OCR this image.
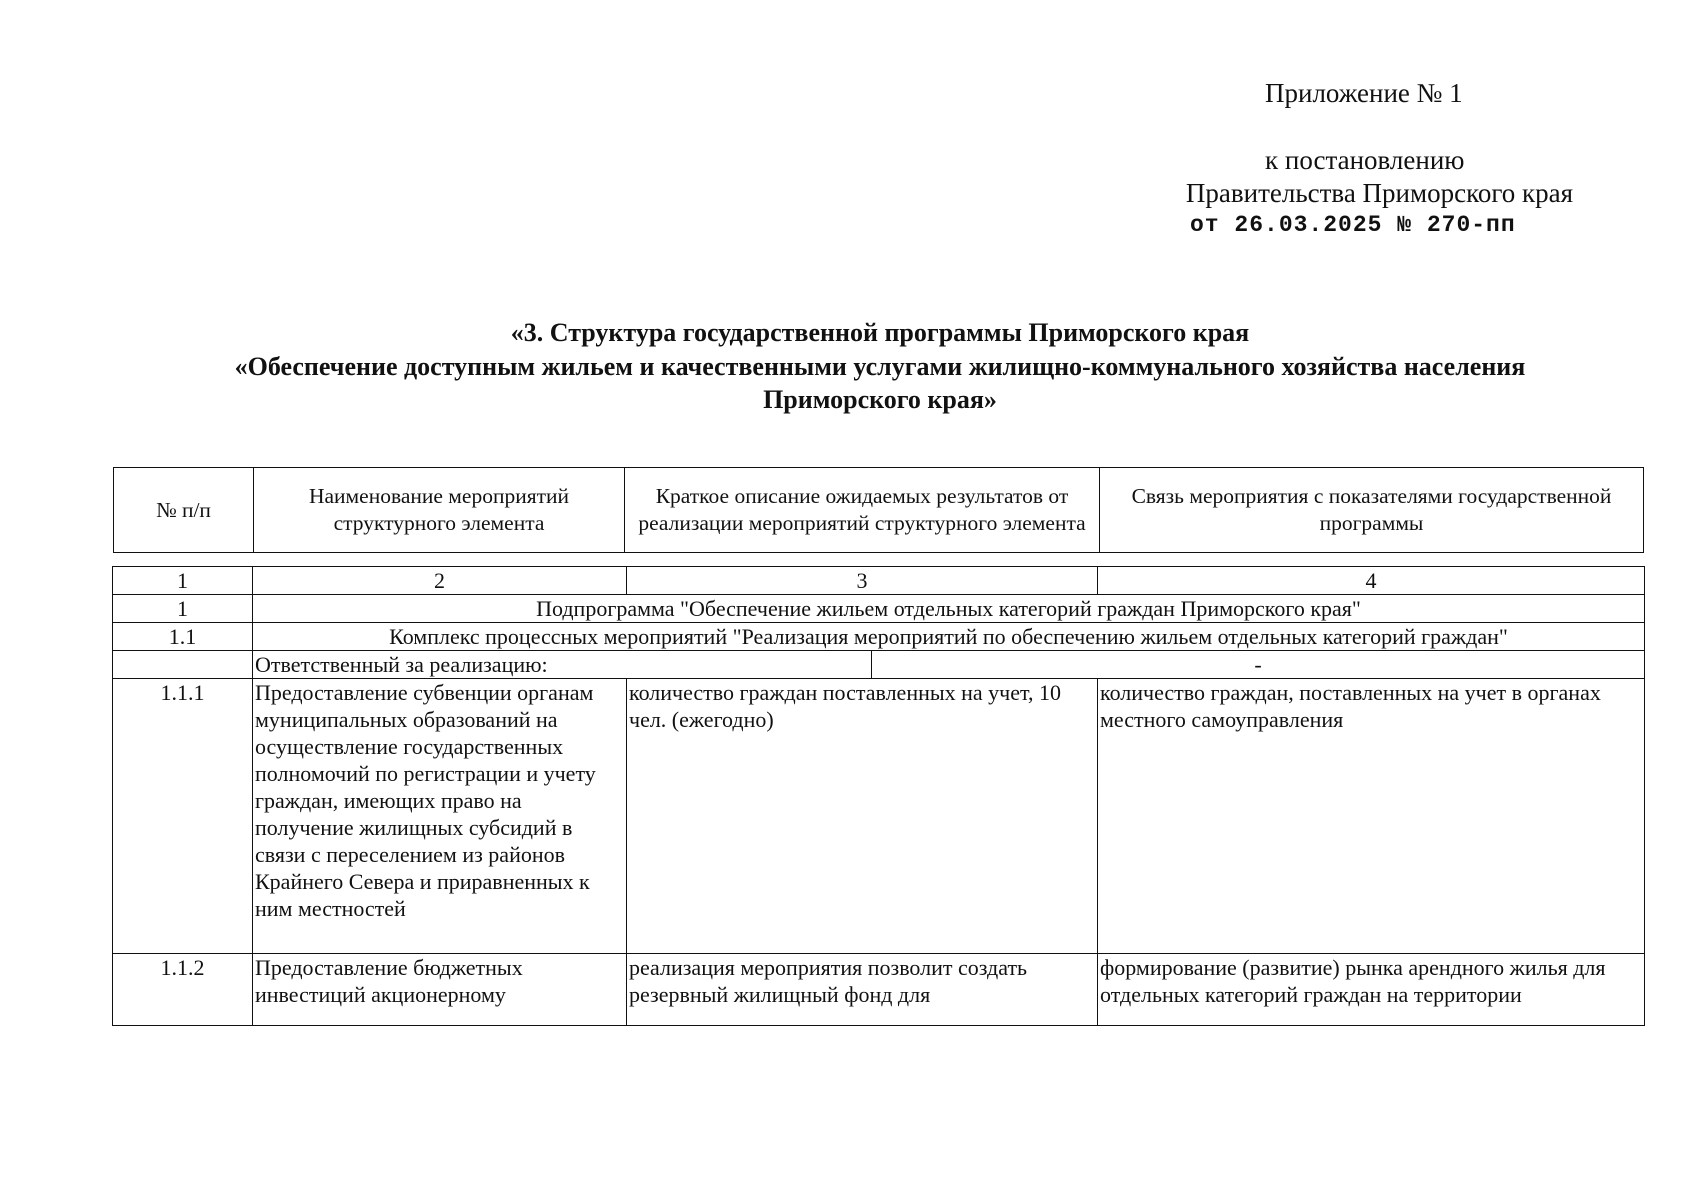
Приложение № 1
к постановлению
Правительства Приморского края
от 26.03.2025 № 270-пп
«3. Структура государственной программы Приморского края
«Обеспечение доступным жильем и качественными услугами жилищно-коммунального хозяйства населения
Приморского края»
№ п/п	Наименование мероприятий структурного элемента	Краткое описание ожидаемых результатов от реализации мероприятий структурного элемента	Связь мероприятия с показателями государственной программы
1	2	3		4
1	Подпрограмма "Обеспечение жильем отдельных категорий граждан Приморского края"			
1.1	Комплекс процессных мероприятий "Реализация мероприятий по обеспечению жильем отдельных категорий граждан"			
	Ответственный за реализацию:		-	
1.1.1	Предоставление субвенции органам муниципальных образований на осуществление государственных полномочий по регистрации и учету граждан, имеющих право на получение жилищных субсидий в связи с переселением из районов Крайнего Севера и приравненных к ним местностей	количество граждан поставленных на учет, 10 чел. (ежегодно)		количество граждан, поставленных на учет в органах местного самоуправления
1.1.2	Предоставление бюджетных инвестиций акционерному	реализация мероприятия позволит создать резервный жилищный фонд для		формирование (развитие) рынка арендного жилья для отдельных категорий граждан на территории
